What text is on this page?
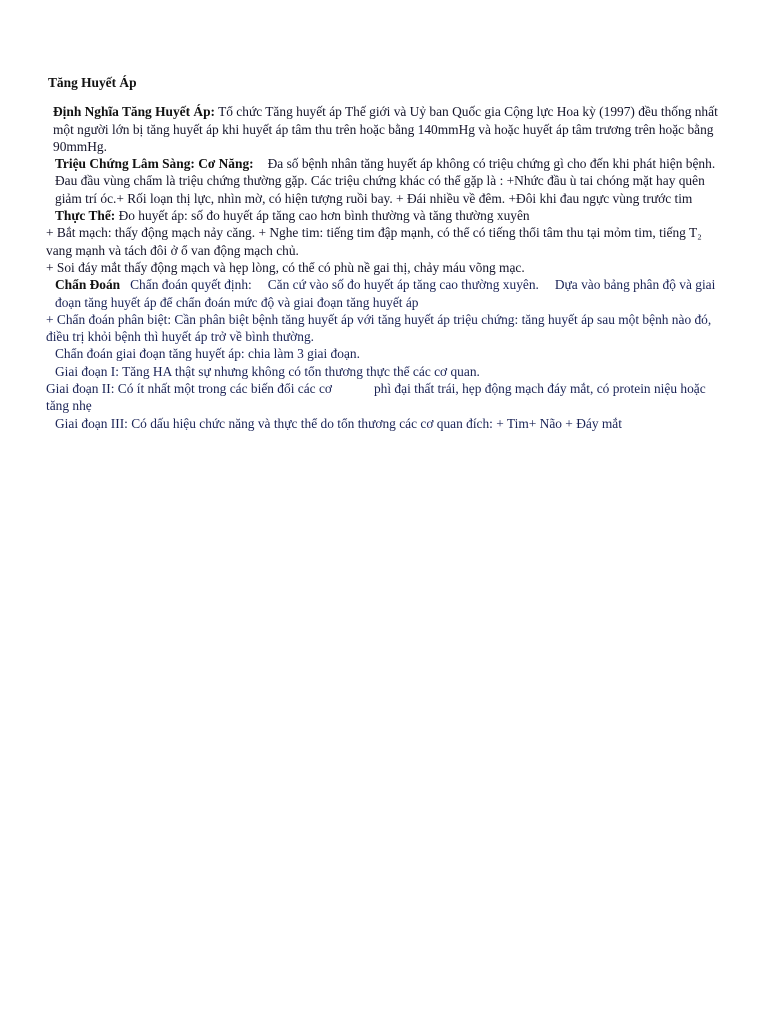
Tăng Huyết Áp

Định Nghĩa Tăng Huyết Áp: Tổ chức Tăng huyết áp Thế giới và Uỷ ban Quốc gia Cộng lực Hoa kỳ (1997) đều thống nhất một người lớn bị tăng huyết áp khi huyết áp tâm thu trên hoặc bằng 140mmHg và hoặc huyết áp tâm trương trên hoặc bằng 90mmHg.

Triệu Chứng Lâm Sàng: Cơ Năng: Đa số bệnh nhân tăng huyết áp không có triệu chứng gì cho đến khi phát hiện bệnh. Đau đầu vùng chẩm là triệu chứng thường gặp. Các triệu chứng khác có thể gặp là : +Nhức đầu ù tai chóng mặt hay quên giảm trí óc.+ Rối loạn thị lực, nhìn mờ, có hiện tượng ruồi bay. + Đái nhiều về đêm. +Đôi khi đau ngực vùng trước tim

Thực Thể: Đo huyết áp: số đo huyết áp tăng cao hơn bình thường và tăng thường xuyên

+ Bắt mạch: thấy động mạch nảy căng. + Nghe tim: tiếng tim đập mạnh, có thể có tiếng thổi tâm thu tại mỏm tim, tiếng T₂ vang mạnh và tách đôi ở ổ van động mạch chủ.

+ Soi đáy mắt thấy động mạch và hẹp lòng, có thể có phù nề gai thị, chảy máu võng mạc.

Chẩn Đoán Chẩn đoán quyết định: Căn cứ vào số đo huyết áp tăng cao thường xuyên. Dựa vào bảng phân độ và giai đoạn tăng huyết áp để chẩn đoán mức độ và giai đoạn tăng huyết áp

+ Chẩn đoán phân biệt: Cần phân biệt bệnh tăng huyết áp với tăng huyết áp triệu chứng: tăng huyết áp sau một bệnh nào đó, điều trị khỏi bệnh thì huyết áp trở về bình thường.

Chẩn đoán giai đoạn tăng huyết áp: chia làm 3 giai đoạn.

Giai đoạn I: Tăng HA thật sự nhưng không có tổn thương thực thể các cơ quan.

Giai đoạn II: Có ít nhất một trong các biến đổi các cơ	phì đại thất trái, hẹp động mạch đáy mắt, có protein niệu hoặc tăng nhẹ

Giai đoạn III: Có dấu hiệu chức năng và thực thể do tổn thương các cơ quan đích: + Tim+ Não + Đáy mắt
